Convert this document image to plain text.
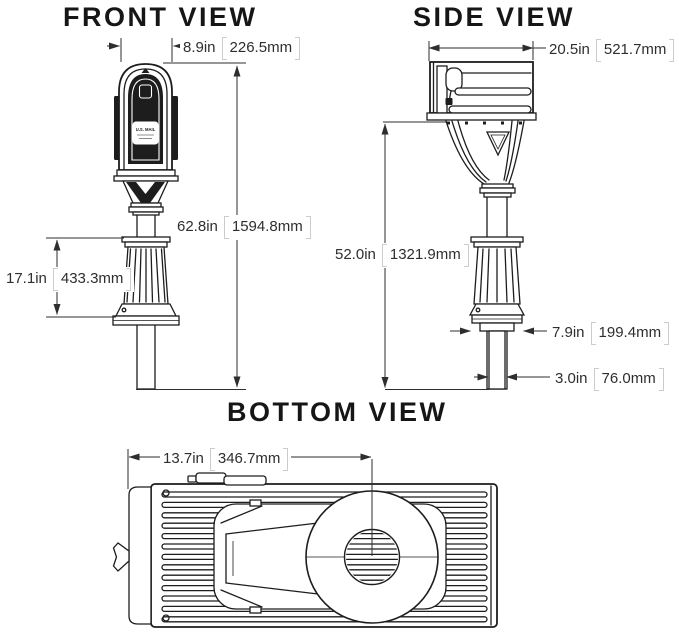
U.S. MAIL
FRONT VIEW	SIDE VIEW
BOTTOM VIEW
8.9in 226.5mm
62.8in 1594.8mm
17.1in 433.3mm
20.5in 521.7mm
52.0in 1321.9mm
7.9in 199.4mm
3.0in 76.0mm
13.7in 346.7mm
